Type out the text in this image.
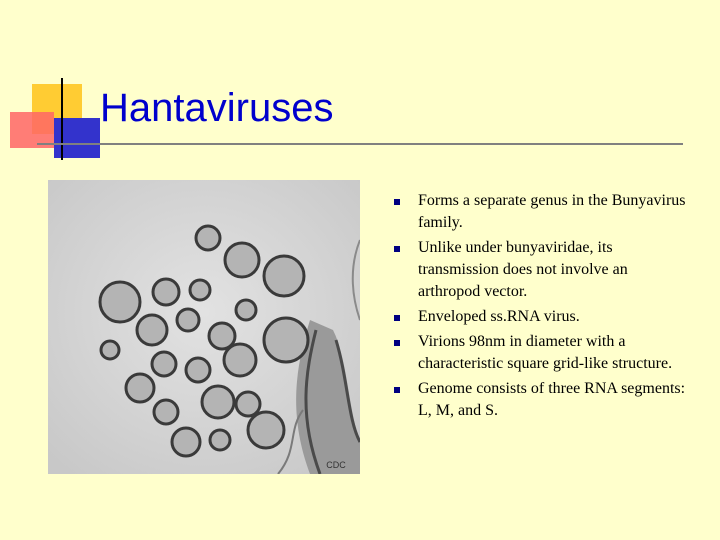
Hantaviruses
CDC
Forms a separate genus in the Bunyavirus family.
Unlike under bunyaviridae, its transmission does not involve an arthropod vector.
Enveloped ss.RNA virus.
Virions 98nm in diameter with a characteristic square grid-like structure.
Genome consists of three RNA segments: L, M, and S.
